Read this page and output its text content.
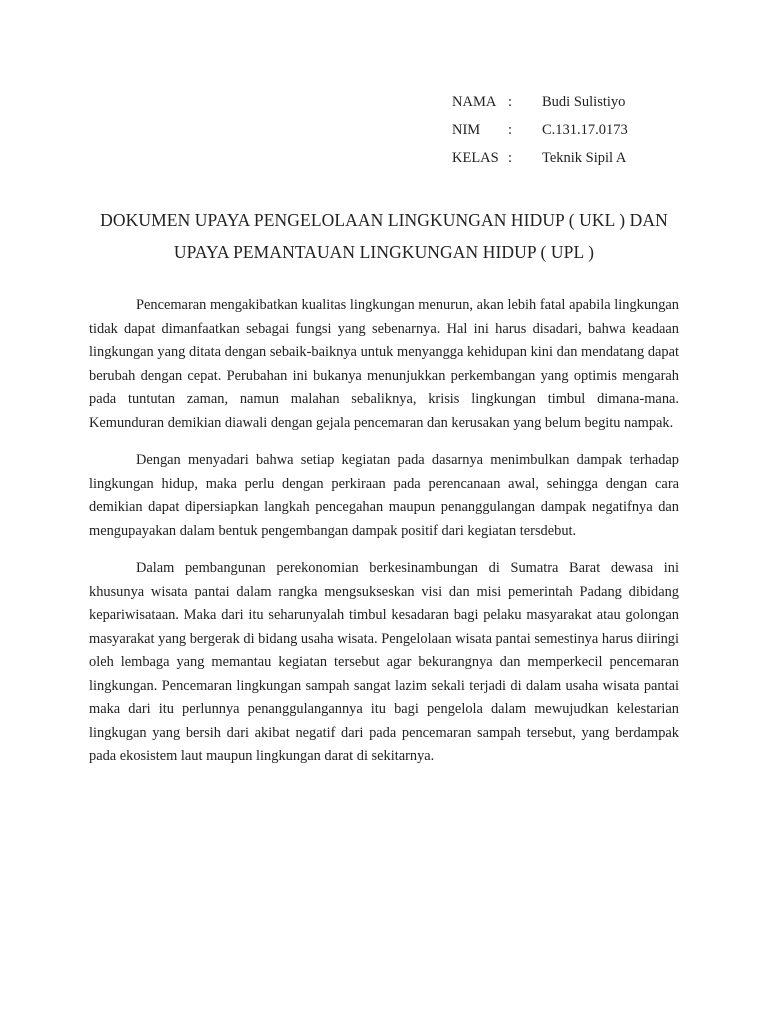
NAMA :	Budi Sulistiyo
NIM	:	C.131.17.0173
KELAS :	Teknik Sipil A
DOKUMEN UPAYA PENGELOLAAN LINGKUNGAN HIDUP ( UKL ) DAN
UPAYA PEMANTAUAN LINGKUNGAN HIDUP ( UPL )

Pencemaran mengakibatkan kualitas lingkungan menurun, akan lebih fatal apabila lingkungan tidak dapat dimanfaatkan sebagai fungsi yang sebenarnya. Hal ini harus disadari, bahwa keadaan lingkungan yang ditata dengan sebaik-baiknya untuk menyangga kehidupan kini dan mendatang dapat berubah dengan cepat. Perubahan ini bukanya menunjukkan perkembangan yang optimis mengarah pada tuntutan zaman, namun malahan sebaliknya, krisis lingkungan timbul dimana-mana. Kemunduran demikian diawali dengan gejala pencemaran dan kerusakan yang belum begitu nampak.

Dengan menyadari bahwa setiap kegiatan pada dasarnya menimbulkan dampak terhadap lingkungan hidup, maka perlu dengan perkiraan pada perencanaan awal, sehingga dengan cara demikian dapat dipersiapkan langkah pencegahan maupun penanggulangan dampak negatifnya dan mengupayakan dalam bentuk pengembangan dampak positif dari kegiatan tersdebut.

Dalam pembangunan perekonomian berkesinambungan di Sumatra Barat dewasa ini khusunya wisata pantai dalam rangka mengsukseskan visi dan misi pemerintah Padang dibidang kepariwisataan. Maka dari itu seharunyalah timbul kesadaran bagi pelaku masyarakat atau golongan masyarakat yang bergerak di bidang usaha wisata. Pengelolaan wisata pantai semestinya harus diiringi oleh lembaga yang memantau kegiatan tersebut agar bekurangnya dan memperkecil pencemaran lingkungan. Pencemaran lingkungan sampah sangat lazim sekali terjadi di dalam usaha wisata pantai maka dari itu perlunnya penanggulangannya itu bagi pengelola dalam mewujudkan kelestarian lingkugan yang bersih dari akibat negatif dari pada pencemaran sampah tersebut, yang berdampak pada ekosistem laut maupun lingkungan darat di sekitarnya.
